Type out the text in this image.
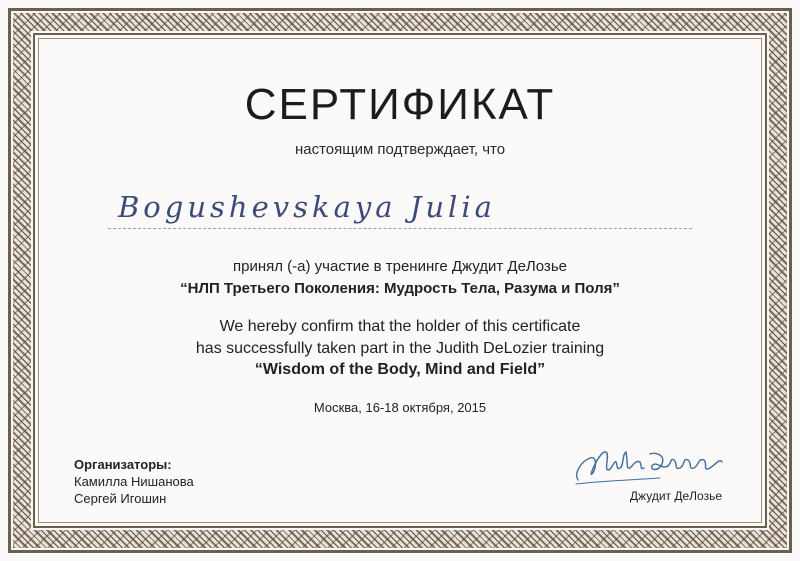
СЕРТИФИКАТ
настоящим подтверждает, что
Bogushevskaya Julia
принял (-а) участие в тренинге Джудит ДеЛозье
“НЛП Третьего Поколения: Мудрость Тела, Разума и Поля”
We hereby confirm that the holder of this certificate
has successfully taken part in the Judith DeLozier training
“Wisdom of the Body, Mind and Field”
Москва, 16-18 октября, 2015
Организаторы:
Камилла Нишанова
Сергей Игошин	Джудит ДеЛозье
